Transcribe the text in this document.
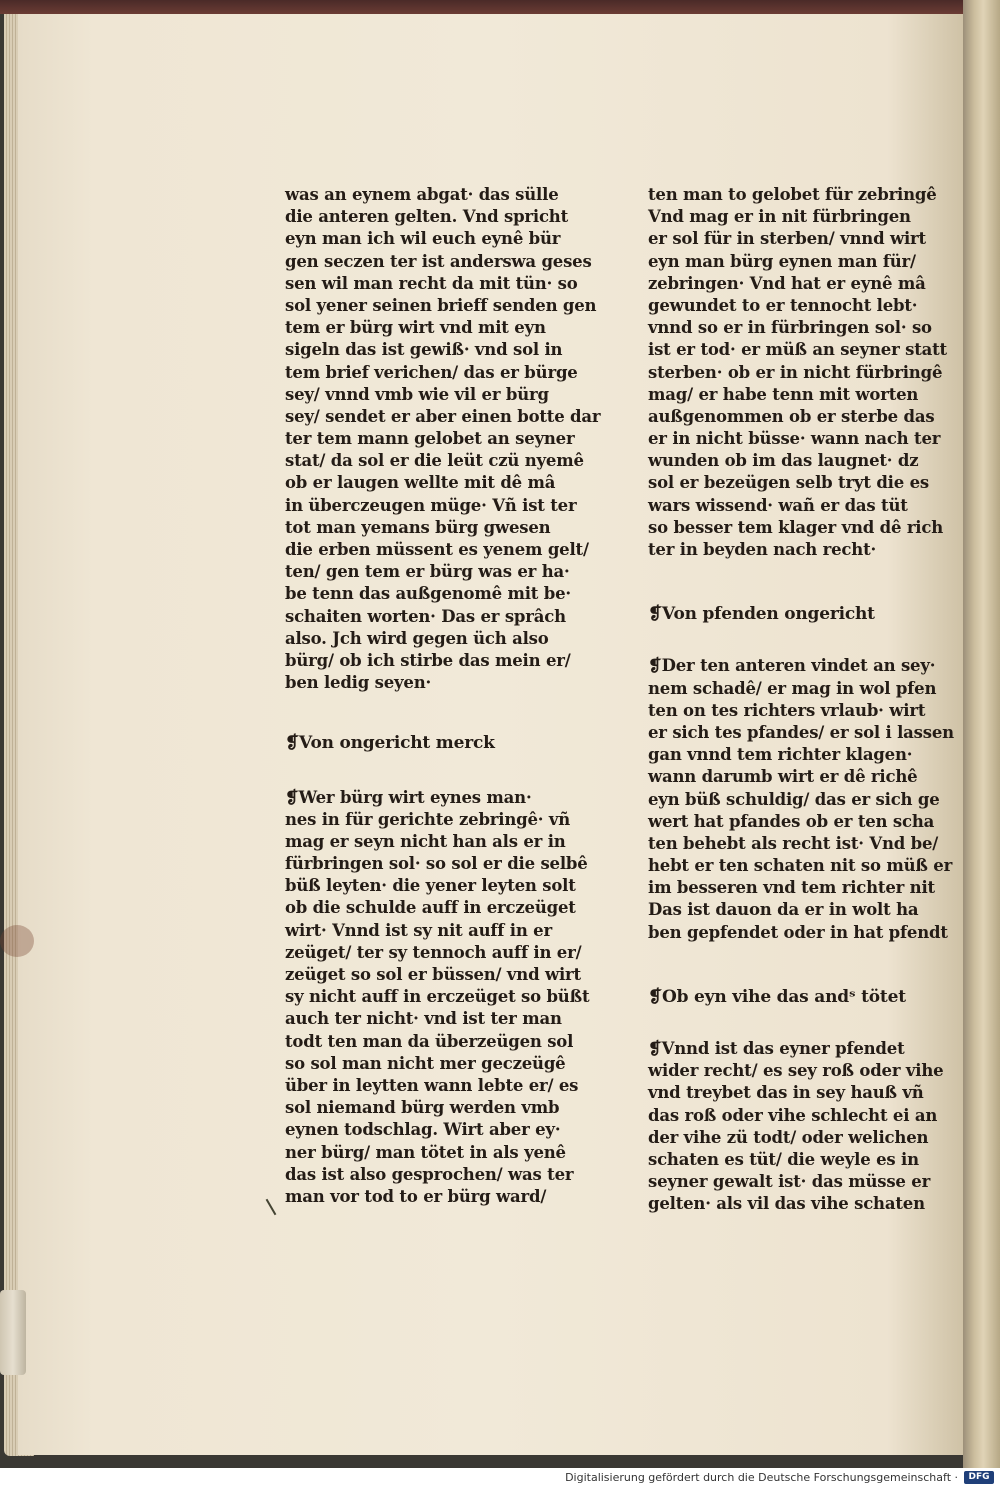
was an eynem abgat· das sülle
die anteren gelten. Vnd spricht
eyn man ich wil euch eynê bür
gen seczen ter ist anderswa geses
sen wil man recht da mit tün· so
sol yener seinen brieff senden gen
tem er bürg wirt vnd mit eyn
sigeln das ist gewiß· vnd sol in
tem brief verichen/ das er bürge
sey/ vnnd vmb wie vil er bürg
sey/ sendet er aber einen botte dar
ter tem mann gelobet an seyner
stat/ da sol er die leüt czü nyemê
ob er laugen wellte mit dê mâ
in überczeugen müge· Vñ ist ter
tot man yemans bürg gwesen
die erben müssent es yenem gelt/
ten/ gen tem er bürg was er ha·
be tenn das außgenomê mit be·
schaiten worten· Das er sprâch
also. Jch wird gegen üch also
bürg/ ob ich stirbe das mein er/
ben ledig seyen·
❡Von ongericht merck
❡Wer bürg wirt eynes man·
nes in für gerichte zebringê· vñ
mag er seyn nicht han als er in
fürbringen sol· so sol er die selbê
büß leyten· die yener leyten solt
ob die schulde auff in erczeüget
wirt· Vnnd ist sy nit auff in er
zeüget/ ter sy tennoch auff in er/
zeüget so sol er büssen/ vnd wirt
sy nicht auff in erczeüget so büßt
auch ter nicht· vnd ist ter man
todt ten man da überzeügen sol
so sol man nicht mer geczeügê
über in leytten wann lebte er/ es
sol niemand bürg werden vmb
eynen todschlag. Wirt aber ey·
ner bürg/ man tötet in als yenê
das ist also gesprochen/ was ter
man vor tod to er bürg ward/
ten man to gelobet für zebringê
Vnd mag er in nit fürbringen
er sol für in sterben/ vnnd wirt
eyn man bürg eynen man für/
zebringen· Vnd hat er eynê mâ
gewundet to er tennocht lebt·
vnnd so er in fürbringen sol· so
ist er tod· er müß an seyner statt
sterben· ob er in nicht fürbringê
mag/ er habe tenn mit worten
außgenommen ob er sterbe das
er in nicht büsse· wann nach ter
wunden ob im das laugnet· dz
sol er bezeügen selb tryt die es
wars wissend· wañ er das tüt
so besser tem klager vnd dê rich
ter in beyden nach recht·
❡Von pfenden ongericht
❡Der ten anteren vindet an sey·
nem schadê/ er mag in wol pfen
ten on tes richters vrlaub· wirt
er sich tes pfandes/ er sol i lassen
gan vnnd tem richter klagen·
wann darumb wirt er dê richê
eyn büß schuldig/ das er sich ge
wert hat pfandes ob er ten scha
ten behebt als recht ist· Vnd be/
hebt er ten schaten nit so müß er
im besseren vnd tem richter nit
Das ist dauon da er in wolt ha
ben gepfendet oder in hat pfendt
❡Ob eyn vihe das andˢ tötet
❡Vnnd ist das eyner pfendet
wider recht/ es sey roß oder vihe
vnd treybet das in sey hauß vñ
das roß oder vihe schlecht ei an
der vihe zü todt/ oder welichen
schaten es tüt/ die weyle es in
seyner gewalt ist· das müsse er
gelten· als vil das vihe schaten
Digitalisierung gefördert durch die Deutsche Forschungsgemeinschaft ·	DFG
